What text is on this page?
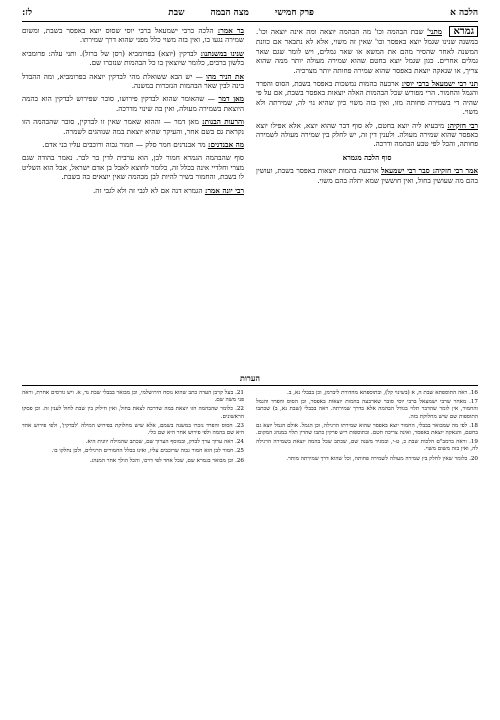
הלכה א
פרק חמישי
מצה הבמה
שבת
לז:

גמרא מתני' שבת הבהמה וכו' מה הבהמה יוצאה ומה אינה יוצאה וכו'. במשנה שנינו שגמל יוצא באפסר וכו' שאין זה משוי, אלא לא נתבאר אם כוונת המשנה לאחר שהסיר מהם את המשא או שאר גמלים, ויש לומר שגם שאר גמלים אחרים. כגון שגמל יוצא בחטם שהוא שמירה מעולה יותר ממה שהוא צריך, או שנאקה יוצאת באפסר שהוא שמירה פחותה יותר מצרכיה.

תני רבי ישמעאל ברבי יוסי: ארבעה בהמות נמשכות באפסר בשבת, הסוס והפרד והגמל והחמור. הרי מפורש שכל הבהמות האלה יוצאות באפסר בשבת, אם על פי שהיה די בשמירה פחותה מזו, ואין בזה משוי כיון שהיא נוי לה, שמירתה ולא משוי.

רבי חזקיה: מיבעיא ליה יוצא בחטם, לא סוף דבר שהוא יוצא, אלא אפילו יוצא באפסר שהוא שמירה מעולה. ולענין דין זה, יש לחלק בין שמירה מעולה לשמירה פחותה, והכל לפי טבע הבהמה ודרכה.

סוף הלכה מגמרא

אמר רבי חזקיה: סבר רבי ישמעאל ארבעה בהמות יוצאות באפסר בשבת, ועושין בהם מה שעושין בחול, ואין חוששין שמא יתלה בהם משוי.

בר אמר: הלכה כרבי ישמעאל ברבי יוסי שסוס יוצא באפסר בשבת, ומשום שמירה נגעו בו, ואין בזה משוי כלל מפני שהוא דרך שמירתו.

שנינו במשנתנו: לבדקין (יוצא) בפרומביא (רסן של ברזל). ותני עלה: פרומביא בלשון ברבים, כלומר שיוצאין בו כל הבהמות שנזכרו שם.

את הניר מהו — יש הבא ששואלת מהי לבדקין יוצאה בפרומביא, ומה ההבדל בינה לבין שאר הבהמות הנזכרות במשנה.

מאן דמר — שהאומר שהוא לבדקין פירושו, סובר שפירוש לבדקין הוא בהמה היוצאת בשמירה מעולה, ואין בה שינוי מדרכה.

והרעות הבנות: מאן דמר — וההוא שאמר שאין זו לבדקין, סובר שהבהמה הזו נקראת גם בשם אחר, והעיקר שהיא יוצאת במה שנוהגים לשמרה.

מה אבנדנים: מר אבנדנים חמר סלק — חמור גבוה ורוכבים עליו בני אדם.

סוף שהבהמה הגמרא חמור לבן, הוא ערבית לדין בר לבר. נאמר בהודה שגם מצרי וחלדיי אינה בכלל זה, כלומר לחוצא לאבל בן אדם ישראל, אבל הוא השליט לו בשבת, והחמור בשיר להיות לבן מבהמה שאין יוצאים בה בשבת.

רבי יונה אמר: הגמרא דנה אם לא לגבי זה ולא לגבי זה.

הערות

16. ראה התוספתא שבת ה, א (בשינוי קל), ובתוספתא מהדורת ליברמן, וכן בבבלי נא, ב.

17. מאחר שרבי ישמעאל ברבי יוסי סובר שארבעה בהמות יוצאות באפסר, וכן הסוס והפרד והגמל והחמור, אין לומר שהדבר תלוי בגודל הבהמה אלא בדרך שמירתה. ראה בבבלי (שבת נא, ב) שכתבו התוספות שם שיש מחלוקת בזה.

18. לפי מה שמבואר בבבלי, החמור יוצא באפסר שהוא שמירתו הרגילה, וכן הגמל. אולם הגמל יוצא גם בחטם, והנאקה יוצאת באפסר, ואינה צריכה חטם. ובתוספות ריש פרקין כתבו שהדין תלוי במנהג המקום.

19. וראה ברמב"ם הלכות שבת כ, ט-י, ובמגיד משנה שם, שכתב שכל בהמה יוצאת בשמירה הרגילה לה, ואין בזה משום משוי.

20. כלומר שאין לחלק בין שמירה מעולה לשמירה פחותה, וכל שהוא דרך שמירתה מותר.

21. בעל קרבן העדה כתב שהוא נוסח הירושלמי, וכן מבואר בבבלי שבת נד, א. ויש גורסים אחרת, וראה פני משה שם.

22. כלומר שהבהמה הזו יוצאת במה שדרכה לצאת בחול, ואין חילוק בין שבת לחול לענין זה. וכן פסקו הראשונים.

23. הסוס והפרד נזכרו במשנה בשמם, אלא שיש מחלוקת בפירוש המילה 'לבדקין', ולפי פירוש אחד היא שם בהמה ולפי פירוש אחר היא שם כלי.

24. ראה ערוך ערך לבדק, ובמוסף הערוך שם, שכתב שהמילה יוונית היא.

25. חמור לבן הוא חמור גבוה שרוכבים עליו, ואינו בכלל החמורים הרגילים, ולכן נחלקו בו.

26. וכן מבואר בגמרא שם, שכל אחד לפי דרכו, והכל הולך אחר המנהג.
